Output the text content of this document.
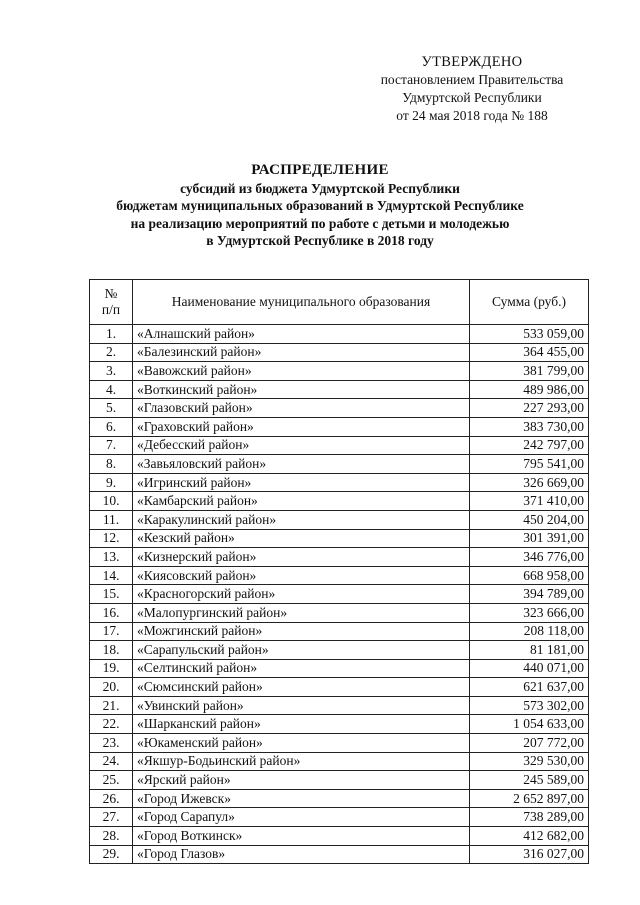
УТВЕРЖДЕНО
постановлением Правительства
Удмуртской Республики
от 24 мая 2018 года № 188
РАСПРЕДЕЛЕНИЕ
субсидий из бюджета Удмуртской Республики
бюджетам муниципальных образований в Удмуртской Республике
на реализацию мероприятий по работе с детьми и молодежью
в Удмуртской Республике в 2018 году
№
п/п	Наименование муниципального образования	Сумма (руб.)
1.	«Алнашский район»	533 059,00
2.	«Балезинский район»	364 455,00
3.	«Вавожский район»	381 799,00
4.	«Воткинский район»	489 986,00
5.	«Глазовский район»	227 293,00
6.	«Граховский район»	383 730,00
7.	«Дебесский район»	242 797,00
8.	«Завьяловский район»	795 541,00
9.	«Игринский район»	326 669,00
10.	«Камбарский район»	371 410,00
11.	«Каракулинский район»	450 204,00
12.	«Кезский район»	301 391,00
13.	«Кизнерский район»	346 776,00
14.	«Киясовский район»	668 958,00
15.	«Красногорский район»	394 789,00
16.	«Малопургинский район»	323 666,00
17.	«Можгинский район»	208 118,00
18.	«Сарапульский район»	81 181,00
19.	«Селтинский район»	440 071,00
20.	«Сюмсинский район»	621 637,00
21.	«Увинский район»	573 302,00
22.	«Шарканский район»	1 054 633,00
23.	«Юкаменский район»	207 772,00
24.	«Якшур-Бодьинский район»	329 530,00
25.	«Ярский район»	245 589,00
26.	«Город Ижевск»	2 652 897,00
27.	«Город Сарапул»	738 289,00
28.	«Город Воткинск»	412 682,00
29.	«Город Глазов»	316 027,00
